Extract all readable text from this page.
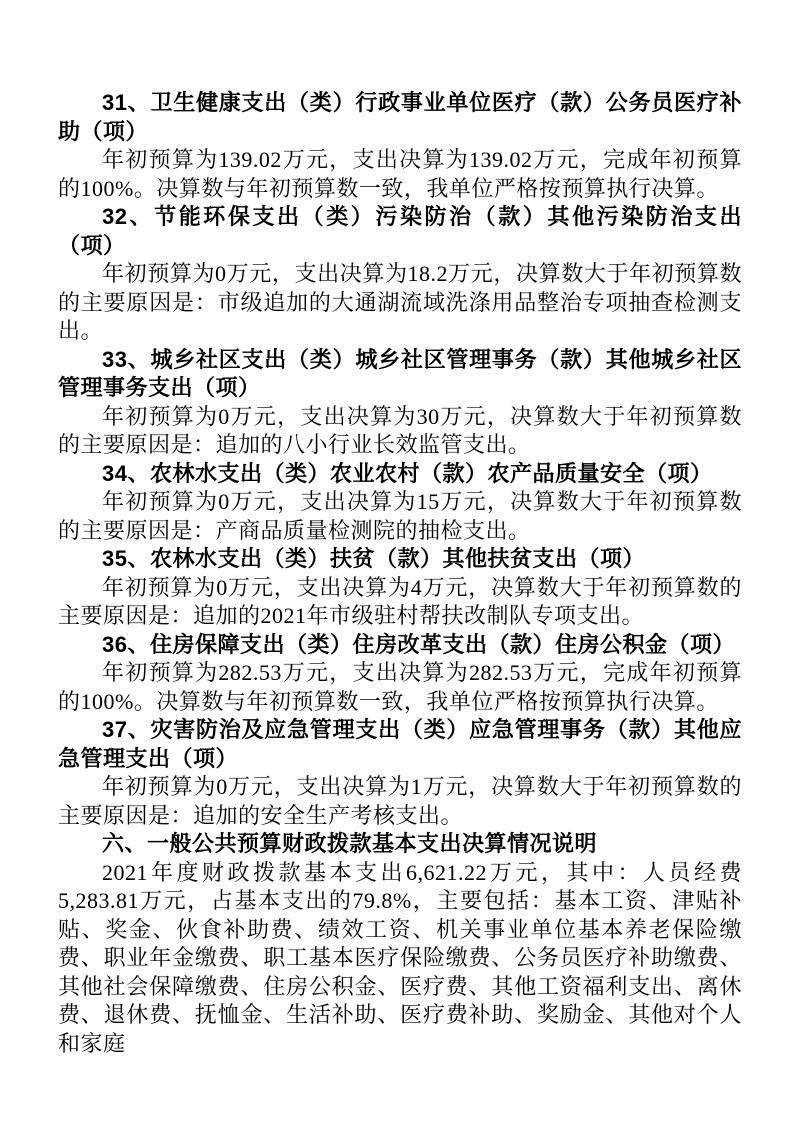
31、卫生健康支出（类）行政事业单位医疗（款）公务员医疗补助（项）

年初预算为139.02万元，支出决算为139.02万元，完成年初预算的100%。决算数与年初预算数一致，我单位严格按预算执行决算。

32、节能环保支出（类）污染防治（款）其他污染防治支出（项）

年初预算为0万元，支出决算为18.2万元，决算数大于年初预算数的主要原因是：市级追加的大通湖流域洗涤用品整治专项抽查检测支出。

33、城乡社区支出（类）城乡社区管理事务（款）其他城乡社区管理事务支出（项）

年初预算为0万元，支出决算为30万元，决算数大于年初预算数的主要原因是：追加的八小行业长效监管支出。

34、农林水支出（类）农业农村（款）农产品质量安全（项）

年初预算为0万元，支出决算为15万元，决算数大于年初预算数的主要原因是：产商品质量检测院的抽检支出。

35、农林水支出（类）扶贫（款）其他扶贫支出（项）

年初预算为0万元，支出决算为4万元，决算数大于年初预算数的主要原因是：追加的2021年市级驻村帮扶改制队专项支出。

36、住房保障支出（类）住房改革支出（款）住房公积金（项）

年初预算为282.53万元，支出决算为282.53万元，完成年初预算的100%。决算数与年初预算数一致，我单位严格按预算执行决算。

37、灾害防治及应急管理支出（类）应急管理事务（款）其他应急管理支出（项）

年初预算为0万元，支出决算为1万元，决算数大于年初预算数的主要原因是：追加的安全生产考核支出。

六、一般公共预算财政拨款基本支出决算情况说明

2021年度财政拨款基本支出6,621.22万元，其中：人员经费5,283.81万元，占基本支出的79.8%，主要包括：基本工资、津贴补贴、奖金、伙食补助费、绩效工资、机关事业单位基本养老保险缴费、职业年金缴费、职工基本医疗保险缴费、公务员医疗补助缴费、其他社会保障缴费、住房公积金、医疗费、其他工资福利支出、离休费、退休费、抚恤金、生活补助、医疗费补助、奖励金、其他对个人和家庭
